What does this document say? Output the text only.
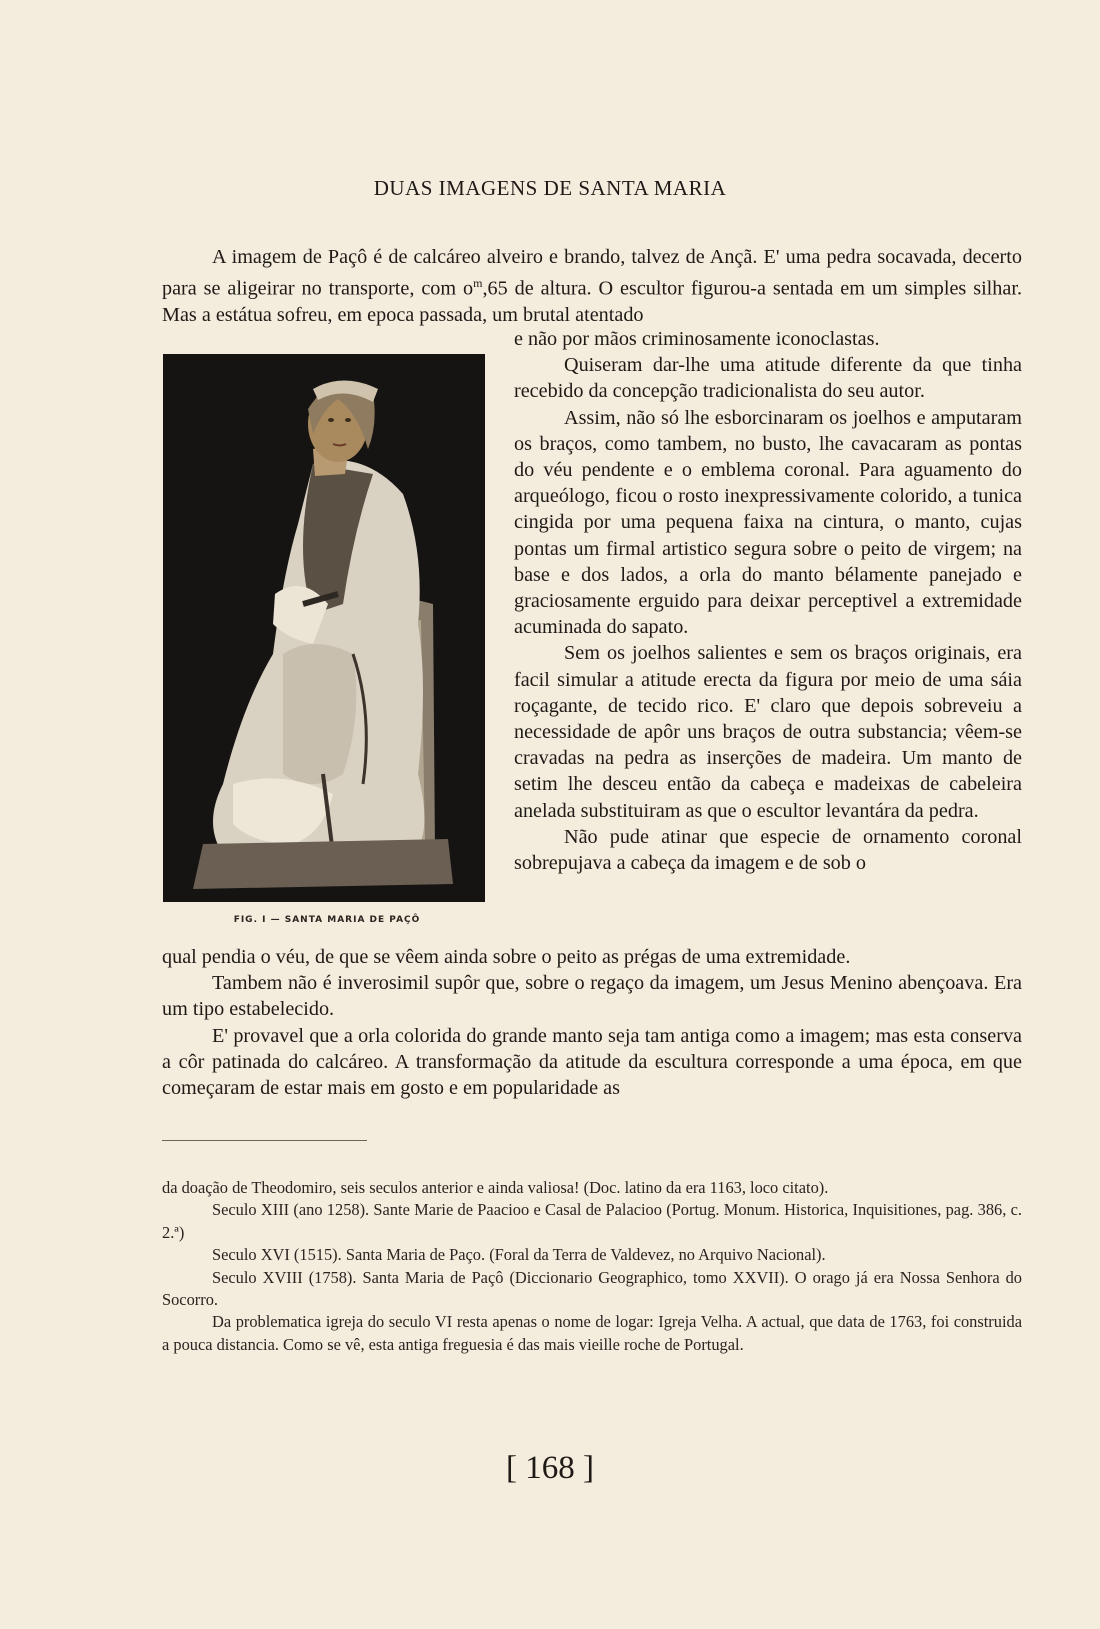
DUAS IMAGENS DE SANTA MARIA

A imagem de Paçô é de calcáreo alveiro e brando, talvez de Ançã. E' uma pedra socavada, decerto para se aligeirar no transporte, com $o^m,65$ de altura. O escultor figurou-a sentada em um simples silhar. Mas a estátua sofreu, em epoca passada, um brutal atentado

FIG. I — SANTA MARIA DE PAÇÔ

e não por mãos criminosamente iconoclastas.

Quiseram dar-lhe uma atitude diferente da que tinha recebido da concepção tradicionalista do seu autor.

Assim, não só lhe esborcinaram os joelhos e amputaram os braços, como tambem, no busto, lhe cavacaram as pontas do véu pendente e o emblema coronal. Para aguamento do arqueólogo, ficou o rosto inexpressivamente colorido, a tunica cingida por uma pequena faixa na cintura, o manto, cujas pontas um firmal artistico segura sobre o peito de virgem; na base e dos lados, a orla do manto bélamente panejado e graciosamente erguido para deixar perceptivel a extremidade acuminada do sapato.

Sem os joelhos salientes e sem os braços originais, era facil simular a atitude erecta da figura por meio de uma sáia roçagante, de tecido rico. E' claro que depois sobreveiu a necessidade de apôr uns braços de outra substancia; vêem-se cravadas na pedra as inserções de madeira. Um manto de setim lhe desceu então da cabeça e madeixas de cabeleira anelada substituiram as que o escultor levantára da pedra.

Não pude atinar que especie de ornamento coronal sobrepujava a cabeça da imagem e de sob o

qual pendia o véu, de que se vêem ainda sobre o peito as prégas de uma extremidade.

Tambem não é inverosimil supôr que, sobre o regaço da imagem, um Jesus Menino abençoava. Era um tipo estabelecido.

E' provavel que a orla colorida do grande manto seja tam antiga como a imagem; mas esta conserva a côr patinada do calcáreo. A transformação da atitude da escultura corresponde a uma época, em que começaram de estar mais em gosto e em popularidade as

da doação de Theodomiro, seis seculos anterior e ainda valiosa! (Doc. latino da era 1163, loco citato).

Seculo XIII (ano 1258). Sante Marie de Paacioo e Casal de Palacioo (Portug. Monum. Historica, Inquisitiones, pag. 386, c. 2.ª)

Seculo XVI (1515). Santa Maria de Paço. (Foral da Terra de Valdevez, no Arquivo Nacional).

Seculo XVIII (1758). Santa Maria de Paçô (Diccionario Geographico, tomo XXVII). O orago já era Nossa Senhora do Socorro.

Da problematica igreja do seculo VI resta apenas o nome de logar: Igreja Velha. A actual, que data de 1763, foi construida a pouca distancia. Como se vê, esta antiga freguesia é das mais vieille roche de Portugal.

[ 168 ]
